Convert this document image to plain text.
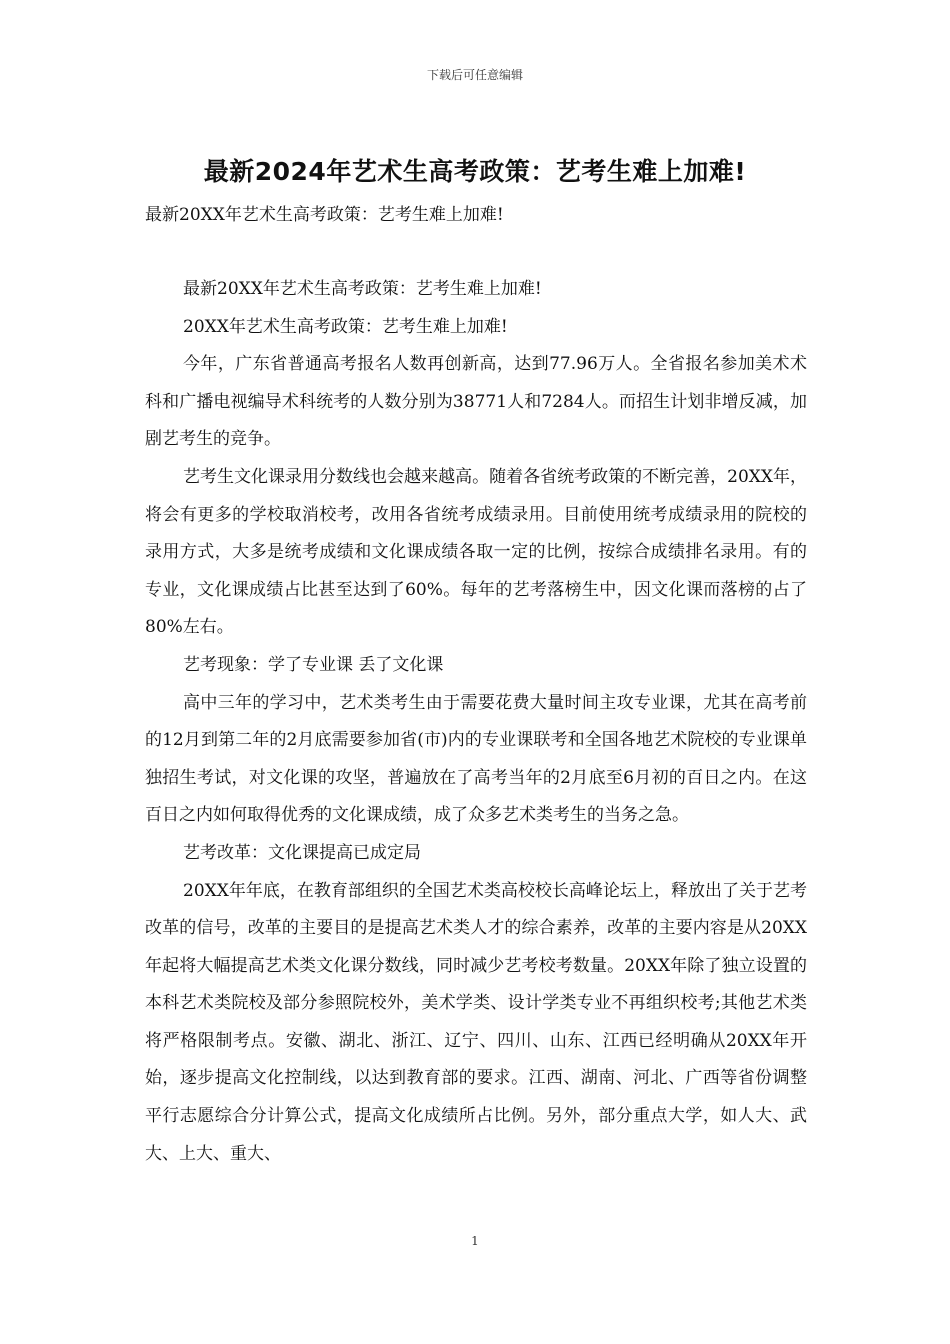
下载后可任意编辑
最新2024年艺术生高考政策：艺考生难上加难!

最新20XX年艺术生高考政策：艺考生难上加难!

最新20XX年艺术生高考政策：艺考生难上加难!

20XX年艺术生高考政策：艺考生难上加难!

今年，广东省普通高考报名人数再创新高，达到77.96万人。全省报名参加美术术科和广播电视编导术科统考的人数分别为38771人和7284人。而招生计划非增反减，加剧艺考生的竞争。

艺考生文化课录用分数线也会越来越高。随着各省统考政策的不断完善，20XX年，将会有更多的学校取消校考，改用各省统考成绩录用。目前使用统考成绩录用的院校的录用方式，大多是统考成绩和文化课成绩各取一定的比例，按综合成绩排名录用。有的专业，文化课成绩占比甚至达到了60%。每年的艺考落榜生中，因文化课而落榜的占了80%左右。

艺考现象：学了专业课 丢了文化课

高中三年的学习中，艺术类考生由于需要花费大量时间主攻专业课，尤其在高考前的12月到第二年的2月底需要参加省(市)内的专业课联考和全国各地艺术院校的专业课单独招生考试，对文化课的攻坚，普遍放在了高考当年的2月底至6月初的百日之内。在这百日之内如何取得优秀的文化课成绩，成了众多艺术类考生的当务之急。

艺考改革：文化课提高已成定局

20XX年年底，在教育部组织的全国艺术类高校校长高峰论坛上，释放出了关于艺考改革的信号，改革的主要目的是提高艺术类人才的综合素养，改革的主要内容是从20XX年起将大幅提高艺术类文化课分数线，同时减少艺考校考数量。20XX年除了独立设置的本科艺术类院校及部分参照院校外，美术学类、设计学类专业不再组织校考;其他艺术类将严格限制考点。安徽、湖北、浙江、辽宁、四川、山东、江西已经明确从20XX年开始，逐步提高文化控制线，以达到教育部的要求。江西、湖南、河北、广西等省份调整平行志愿综合分计算公式，提高文化成绩所占比例。另外，部分重点大学，如人大、武大、上大、重大、

1
